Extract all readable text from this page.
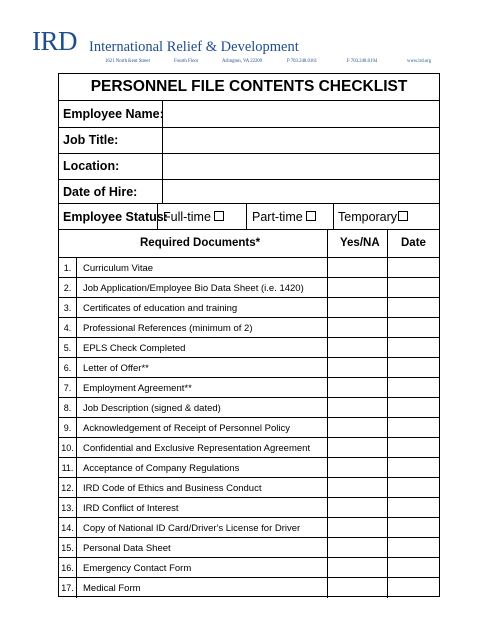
IRD International Relief & Development
1621 North Kent Street	Fourth Floor	Arlington, VA 22209	P 703.248.0161	F 703.248.0194	www.ird.org
PERSONNEL FILE CONTENTS CHECKLIST
Employee Name:
Job Title:
Location:
Date of Hire:
Employee Status:
Full-time	Part-time	Temporary
Required Documents*	Yes/NA Date
1.	Curriculum Vitae
2.	Job Application/Employee Bio Data Sheet (i.e. 1420)
3.	Certificates of education and training
4.	Professional References (minimum of 2)
5.	EPLS Check Completed
6.	Letter of Offer**
7.	Employment Agreement**
8.	Job Description (signed & dated)
9.	Acknowledgement of Receipt of Personnel Policy
10. Confidential and Exclusive Representation Agreement
11. Acceptance of Company Regulations
12. IRD Code of Ethics and Business Conduct
13. IRD Conflict of Interest
14. Copy of National ID Card/Driver's License for Driver
15. Personal Data Sheet
16. Emergency Contact Form
17. Medical Form
